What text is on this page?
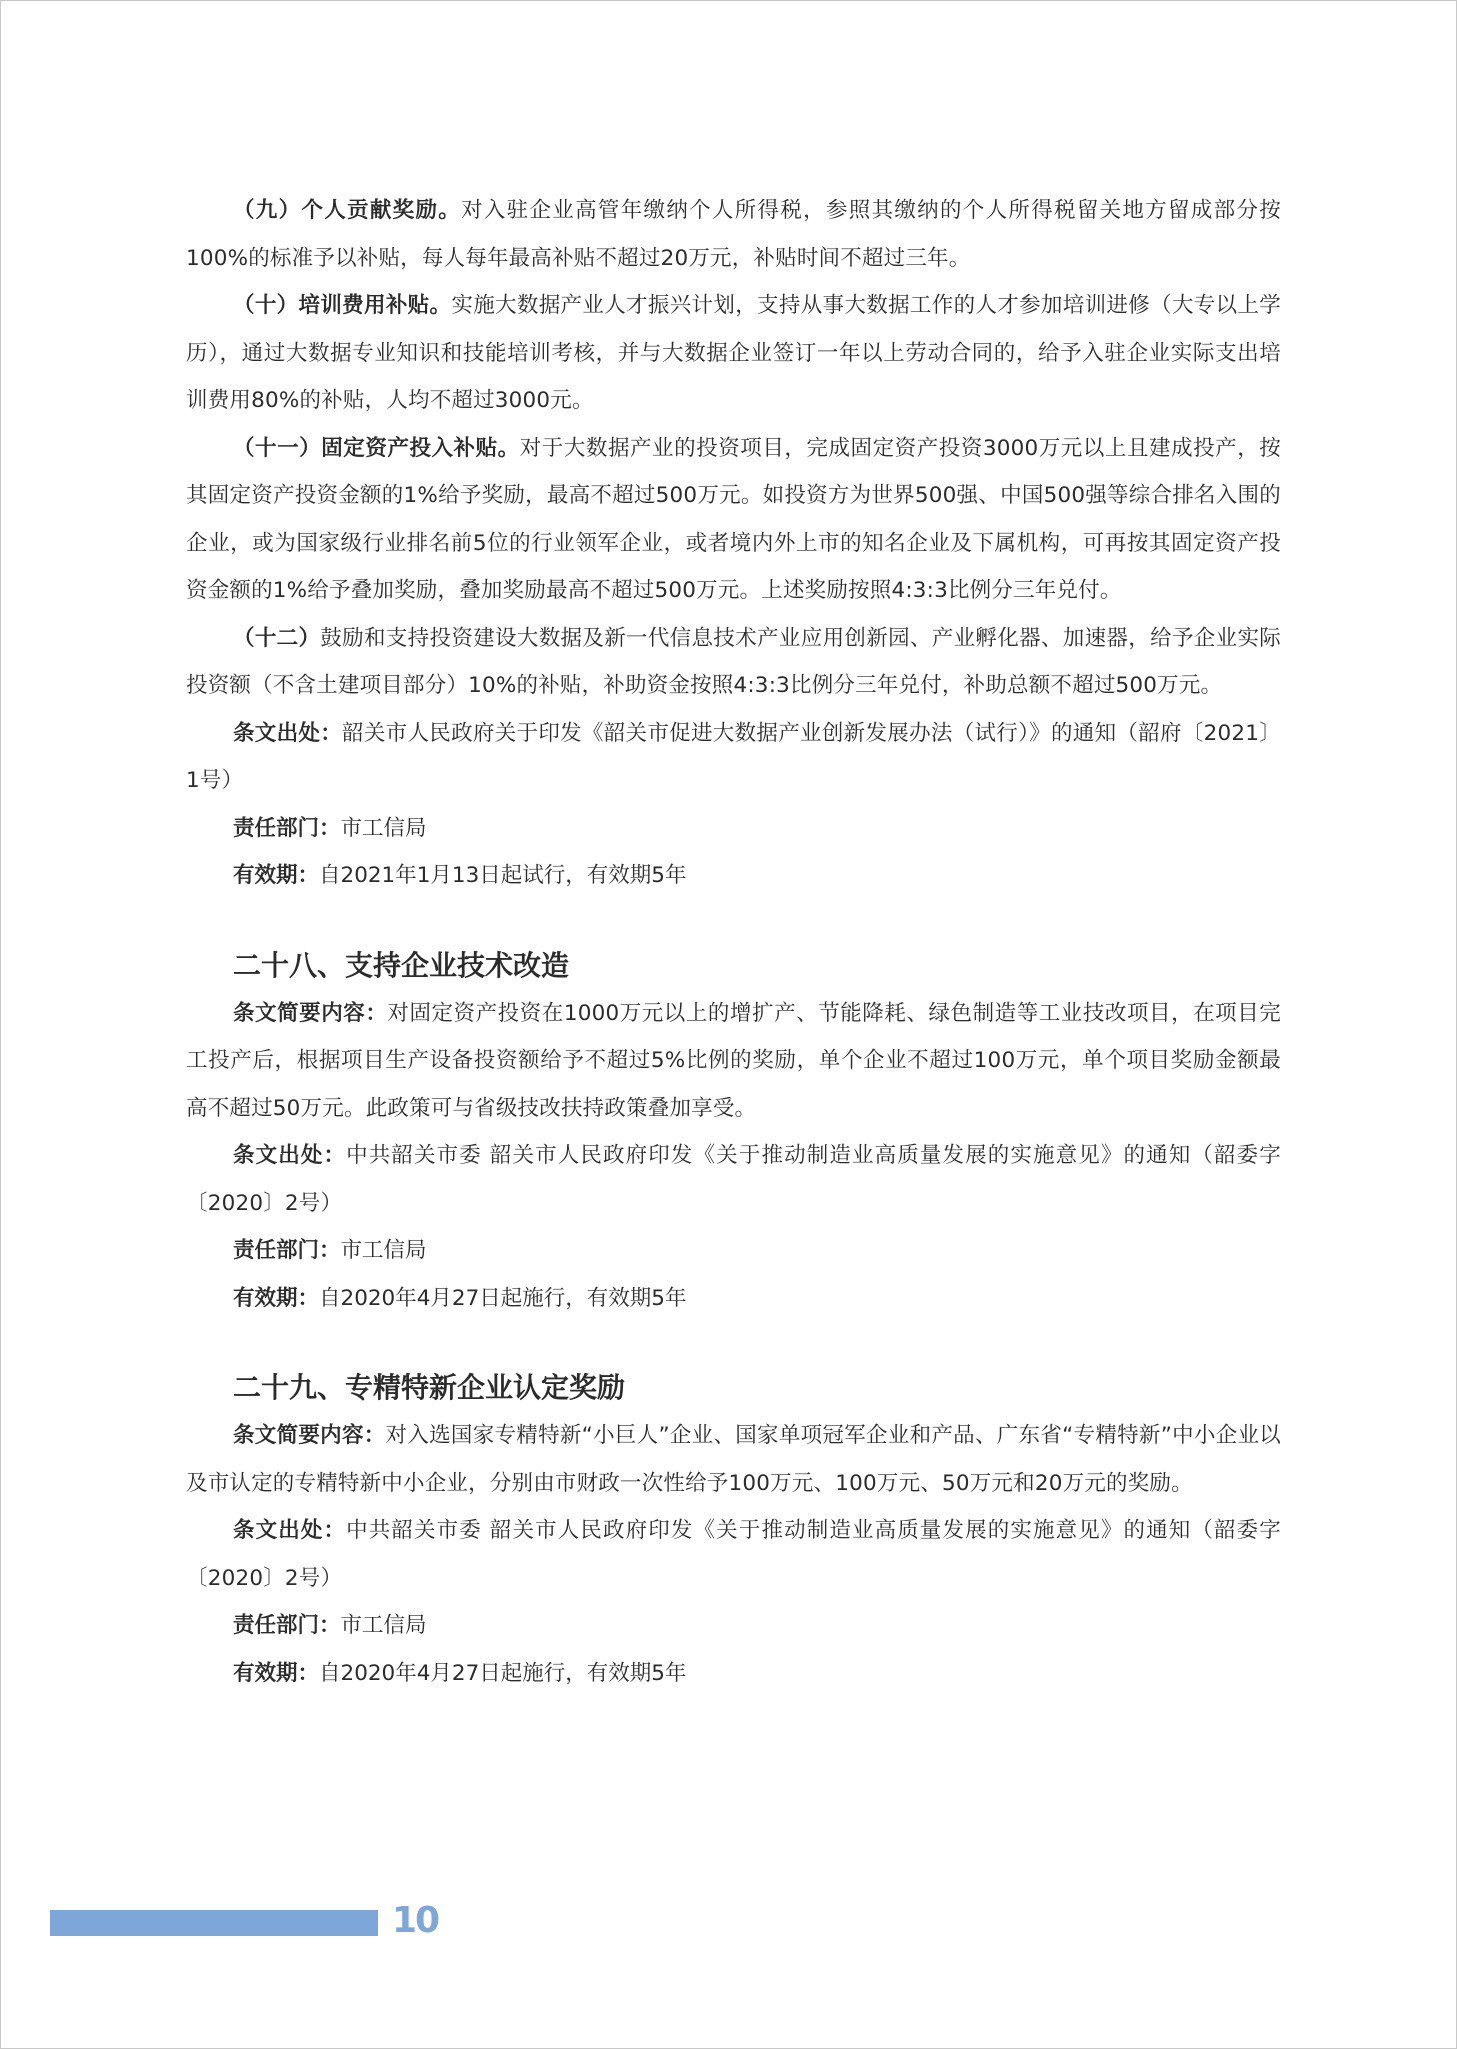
（九）个人贡献奖励。对入驻企业高管年缴纳个人所得税，参照其缴纳的个人所得税留关地方留成部分按100%的标准予以补贴，每人每年最高补贴不超过20万元，补贴时间不超过三年。

（十）培训费用补贴。实施大数据产业人才振兴计划，支持从事大数据工作的人才参加培训进修（大专以上学历），通过大数据专业知识和技能培训考核，并与大数据企业签订一年以上劳动合同的，给予入驻企业实际支出培训费用80%的补贴，人均不超过3000元。

（十一）固定资产投入补贴。对于大数据产业的投资项目，完成固定资产投资3000万元以上且建成投产，按其固定资产投资金额的1%给予奖励，最高不超过500万元。如投资方为世界500强、中国500强等综合排名入围的企业，或为国家级行业排名前5位的行业领军企业，或者境内外上市的知名企业及下属机构，可再按其固定资产投资金额的1%给予叠加奖励，叠加奖励最高不超过500万元。上述奖励按照4:3:3比例分三年兑付。

（十二）鼓励和支持投资建设大数据及新一代信息技术产业应用创新园、产业孵化器、加速器，给予企业实际投资额（不含土建项目部分）10%的补贴，补助资金按照4:3:3比例分三年兑付，补助总额不超过500万元。

条文出处：韶关市人民政府关于印发《韶关市促进大数据产业创新发展办法（试行）》的通知（韶府〔2021〕1号）

责任部门：市工信局

有效期：自2021年1月13日起试行，有效期5年

二十八、支持企业技术改造

条文简要内容：对固定资产投资在1000万元以上的增扩产、节能降耗、绿色制造等工业技改项目，在项目完工投产后，根据项目生产设备投资额给予不超过5%比例的奖励，单个企业不超过100万元，单个项目奖励金额最高不超过50万元。此政策可与省级技改扶持政策叠加享受。

条文出处：中共韶关市委 韶关市人民政府印发《关于推动制造业高质量发展的实施意见》的通知（韶委字〔2020〕2号）

责任部门：市工信局

有效期：自2020年4月27日起施行，有效期5年

二十九、专精特新企业认定奖励

条文简要内容：对入选国家专精特新“小巨人”企业、国家单项冠军企业和产品、广东省“专精特新”中小企业以及市认定的专精特新中小企业，分别由市财政一次性给予100万元、100万元、50万元和20万元的奖励。

条文出处：中共韶关市委 韶关市人民政府印发《关于推动制造业高质量发展的实施意见》的通知（韶委字〔2020〕2号）

责任部门：市工信局

有效期：自2020年4月27日起施行，有效期5年

10
